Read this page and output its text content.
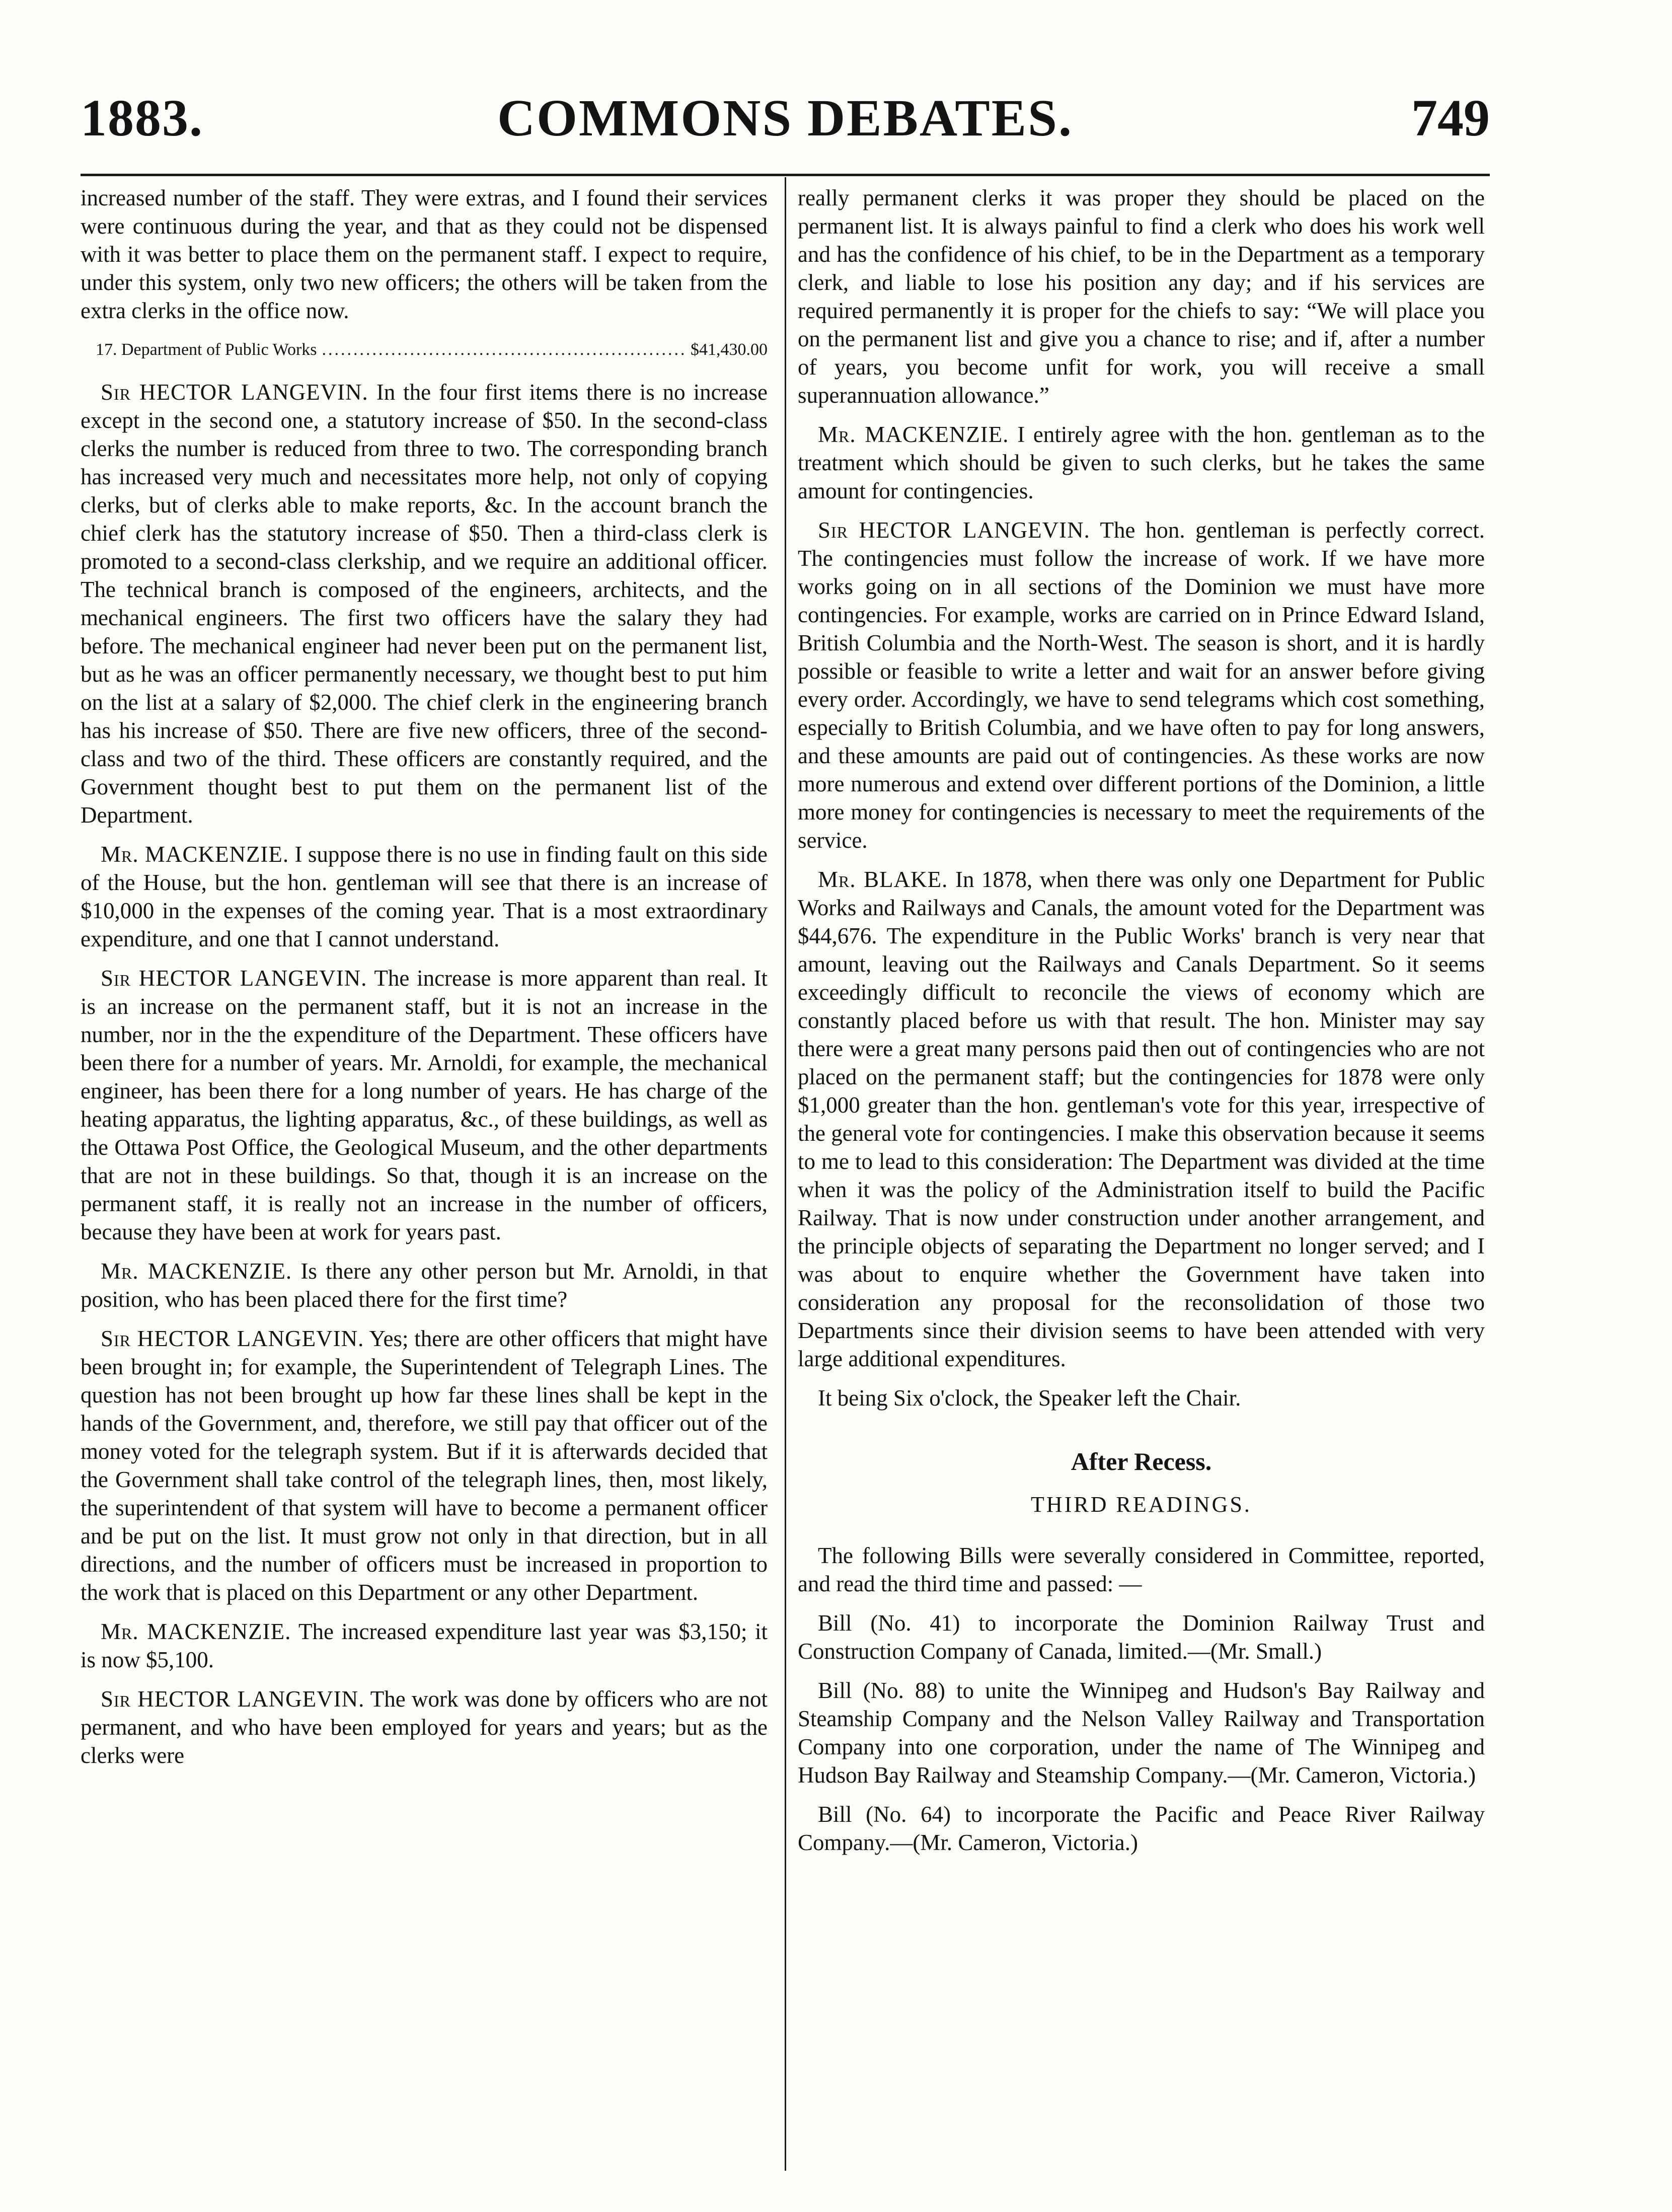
1883.	COMMONS DEBATES.	749

increased number of the staff. They were extras, and I found their services were continuous during the year, and that as they could not be dispensed with it was better to place them on the permanent staff. I expect to require, under this system, only two new officers; the others will be taken from the extra clerks in the office now.

17. Department of Public Works
.....	$41,430.00

Sir HECTOR LANGEVIN. In the four first items there is no increase except in the second one, a statutory increase of $50. In the second-class clerks the number is reduced from three to two. The corresponding branch has increased very much and necessitates more help, not only of copying clerks, but of clerks able to make reports, &c. In the account branch the chief clerk has the statutory increase of $50. Then a third-class clerk is promoted to a second-class clerkship, and we require an additional officer. The technical branch is composed of the engineers, architects, and the mechanical engineers. The first two officers have the salary they had before. The mechanical engineer had never been put on the permanent list, but as he was an officer permanently necessary, we thought best to put him on the list at a salary of $2,000. The chief clerk in the engineering branch has his increase of $50. There are five new officers, three of the second-class and two of the third. These officers are constantly required, and the Government thought best to put them on the permanent list of the Department.

Mr. MACKENZIE. I suppose there is no use in finding fault on this side of the House, but the hon. gentleman will see that there is an increase of $10,000 in the expenses of the coming year. That is a most extraordinary expenditure, and one that I cannot understand.

Sir HECTOR LANGEVIN. The increase is more apparent than real. It is an increase on the permanent staff, but it is not an increase in the number, nor in the the expenditure of the Department. These officers have been there for a number of years. Mr. Arnoldi, for example, the mechanical engineer, has been there for a long number of years. He has charge of the heating apparatus, the lighting apparatus, &c., of these buildings, as well as the Ottawa Post Office, the Geological Museum, and the other departments that are not in these buildings. So that, though it is an increase on the permanent staff, it is really not an increase in the number of officers, because they have been at work for years past.

Mr. MACKENZIE. Is there any other person but Mr. Arnoldi, in that position, who has been placed there for the first time?

Sir HECTOR LANGEVIN. Yes; there are other officers that might have been brought in; for example, the Superintendent of Telegraph Lines. The question has not been brought up how far these lines shall be kept in the hands of the Government, and, therefore, we still pay that officer out of the money voted for the telegraph system. But if it is afterwards decided that the Government shall take control of the telegraph lines, then, most likely, the superintendent of that system will have to become a permanent officer and be put on the list. It must grow not only in that direction, but in all directions, and the number of officers must be increased in proportion to the work that is placed on this Department or any other Department.

Mr. MACKENZIE. The increased expenditure last year was $3,150; it is now $5,100.

Sir HECTOR LANGEVIN. The work was done by officers who are not permanent, and who have been employed for years and years; but as the clerks were

really permanent clerks it was proper they should be placed on the permanent list. It is always painful to find a clerk who does his work well and has the confidence of his chief, to be in the Department as a temporary clerk, and liable to lose his position any day; and if his services are required permanently it is proper for the chiefs to say: “We will place you on the permanent list and give you a chance to rise; and if, after a number of years, you become unfit for work, you will receive a small superannuation allowance.”

Mr. MACKENZIE. I entirely agree with the hon. gentleman as to the treatment which should be given to such clerks, but he takes the same amount for contingencies.

Sir HECTOR LANGEVIN. The hon. gentleman is perfectly correct. The contingencies must follow the increase of work. If we have more works going on in all sections of the Dominion we must have more contingencies. For example, works are carried on in Prince Edward Island, British Columbia and the North-West. The season is short, and it is hardly possible or feasible to write a letter and wait for an answer before giving every order. Accordingly, we have to send telegrams which cost something, especially to British Columbia, and we have often to pay for long answers, and these amounts are paid out of contingencies. As these works are now more numerous and extend over different portions of the Dominion, a little more money for contingencies is necessary to meet the requirements of the service.

Mr. BLAKE. In 1878, when there was only one Department for Public Works and Railways and Canals, the amount voted for the Department was $44,676. The expenditure in the Public Works' branch is very near that amount, leaving out the Railways and Canals Department. So it seems exceedingly difficult to reconcile the views of economy which are constantly placed before us with that result. The hon. Minister may say there were a great many persons paid then out of contingencies who are not placed on the permanent staff; but the contingencies for 1878 were only $1,000 greater than the hon. gentleman's vote for this year, irrespective of the general vote for contingencies. I make this observation because it seems to me to lead to this consideration: The Department was divided at the time when it was the policy of the Administration itself to build the Pacific Railway. That is now under construction under another arrangement, and the principle objects of separating the Department no longer served; and I was about to enquire whether the Government have taken into consideration any proposal for the reconsolidation of those two Departments since their division seems to have been attended with very large additional expenditures.

It being Six o'clock, the Speaker left the Chair.

After Recess.
THIRD READINGS.

The following Bills were severally considered in Committee, reported, and read the third time and passed: —

Bill (No. 41) to incorporate the Dominion Railway Trust and Construction Company of Canada, limited.—(Mr. Small.)

Bill (No. 88) to unite the Winnipeg and Hudson's Bay Railway and Steamship Company and the Nelson Valley Railway and Transportation Company into one corporation, under the name of The Winnipeg and Hudson Bay Railway and Steamship Company.—(Mr. Cameron, Victoria.)

Bill (No. 64) to incorporate the Pacific and Peace River Railway Company.—(Mr. Cameron, Victoria.)
